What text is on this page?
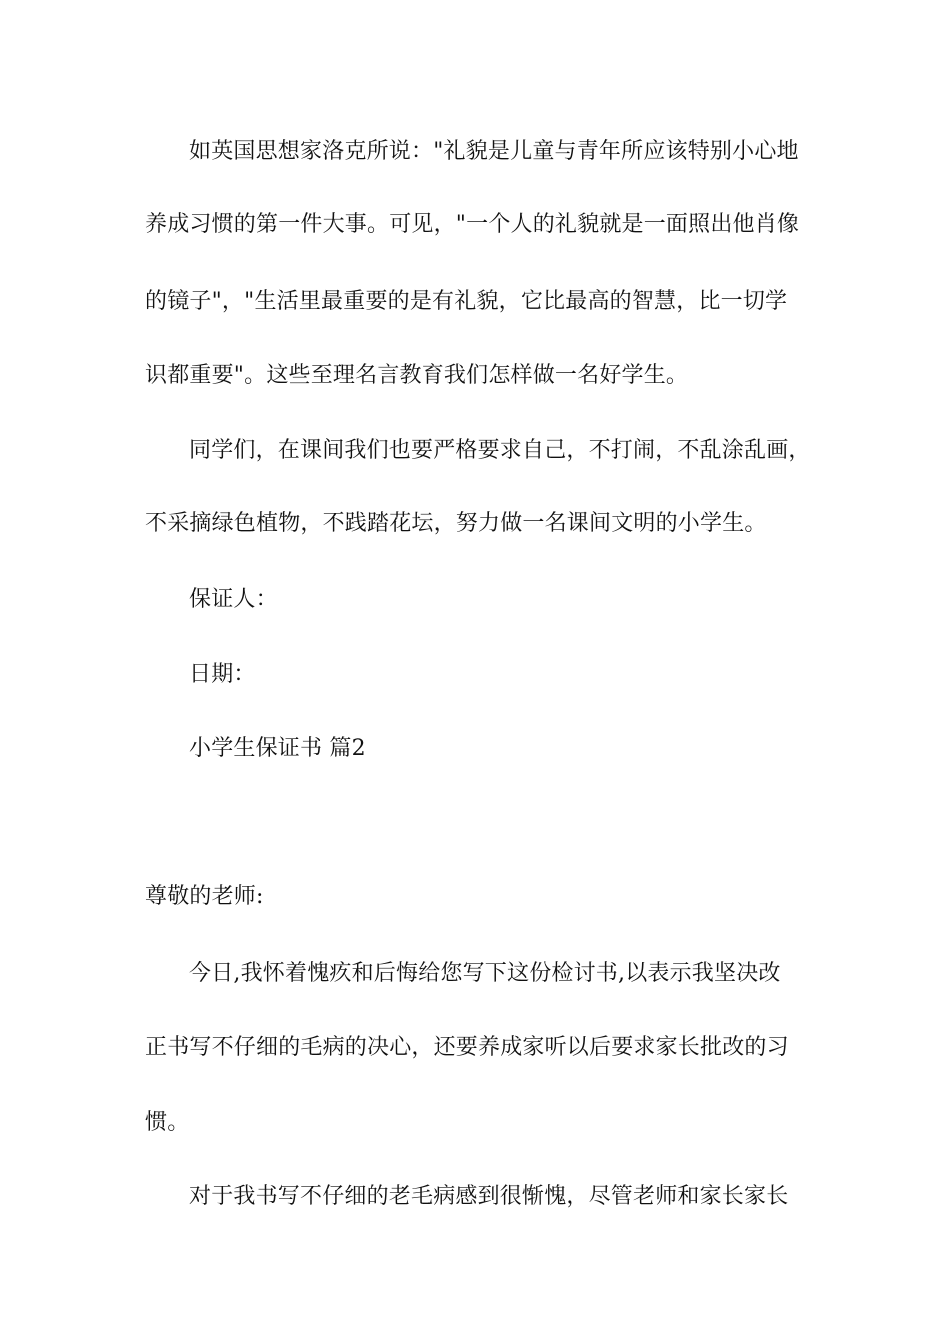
如英国思想家洛克所说："礼貌是儿童与青年所应该特别小心地
养成习惯的第一件大事。可见，"一个人的礼貌就是一面照出他肖像
的镜子"，"生活里最重要的是有礼貌，它比最高的智慧，比一切学
识都重要"。这些至理名言教育我们怎样做一名好学生。
同学们，在课间我们也要严格要求自己，不打闹，不乱涂乱画，
不采摘绿色植物，不践踏花坛，努力做一名课间文明的小学生。
保证人：
日期：
小学生保证书 篇2
尊敬的老师:
今日,我怀着愧疚和后悔给您写下这份检讨书,以表示我坚决改
正书写不仔细的毛病的决心，还要养成家听以后要求家长批改的习
惯。
对于我书写不仔细的老毛病感到很惭愧，尽管老师和家长家长
